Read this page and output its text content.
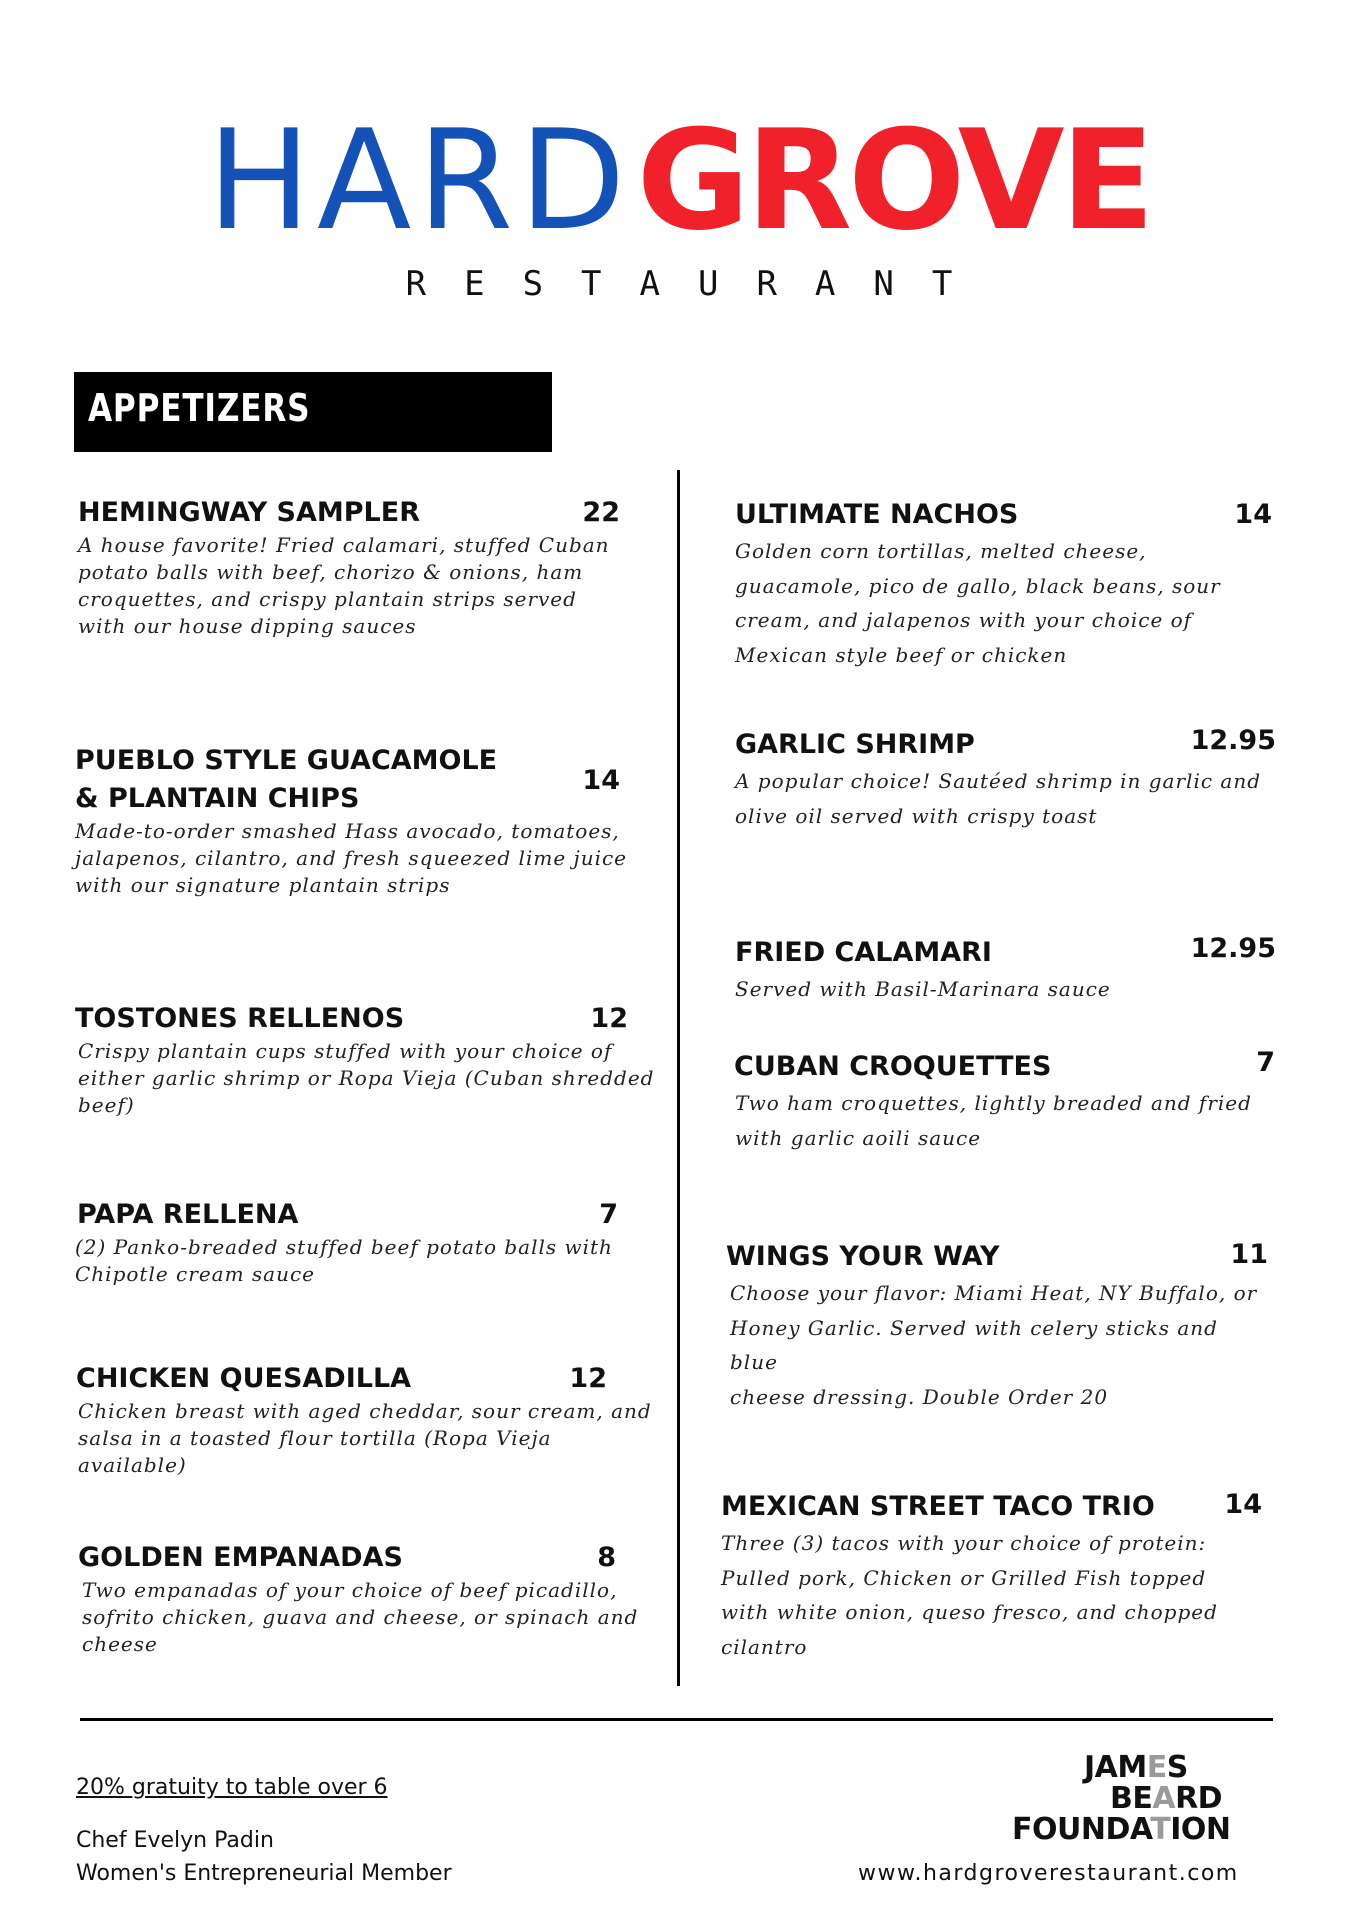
HARD GROVE
RESTAURANT
APPETIZERS
HEMINGWAY SAMPLER	22
A house favorite! Fried calamari, stuffed Cuban
potato balls with beef, chorizo & onions, ham
croquettes, and crispy plantain strips served
with our house dipping sauces
PUEBLO STYLE GUACAMOLE
& PLANTAIN CHIPS
14
Made-to-order smashed Hass avocado, tomatoes,
jalapenos, cilantro, and fresh squeezed lime juice
with our signature plantain strips
TOSTONES RELLENOS	12
Crispy plantain cups stuffed with your choice of
either garlic shrimp or Ropa Vieja (Cuban shredded
beef)
PAPA RELLENA	7
(2) Panko-breaded stuffed beef potato balls with
Chipotle cream sauce
CHICKEN QUESADILLA	12
Chicken breast with aged cheddar, sour cream, and
salsa in a toasted flour tortilla (Ropa Vieja
available)
GOLDEN EMPANADAS	8
Two empanadas of your choice of beef picadillo,
sofrito chicken, guava and cheese, or spinach and
cheese
ULTIMATE NACHOS	14
Golden corn tortillas, melted cheese,
guacamole, pico de gallo, black beans, sour
cream, and jalapenos with your choice of
Mexican style beef or chicken
GARLIC SHRIMP	12.95
A popular choice! Sautéed shrimp in garlic and
olive oil served with crispy toast
FRIED CALAMARI	12.95
Served with Basil-Marinara sauce
CUBAN CROQUETTES	7
Two ham croquettes, lightly breaded and fried
with garlic aoili sauce
WINGS YOUR WAY	11
Choose your flavor: Miami Heat, NY Buffalo, or
Honey Garlic. Served with celery sticks and blue
cheese dressing. Double Order 20
MEXICAN STREET TACO TRIO	14
Three (3) tacos with your choice of protein:
Pulled pork, Chicken or Grilled Fish topped
with white onion, queso fresco, and chopped
cilantro
20% gratuity to table over 6
Chef Evelyn Padin
Women's Entrepreneurial Member
JAMES
BEARD
FOUNDATION
www.hardgroverestaurant.com
